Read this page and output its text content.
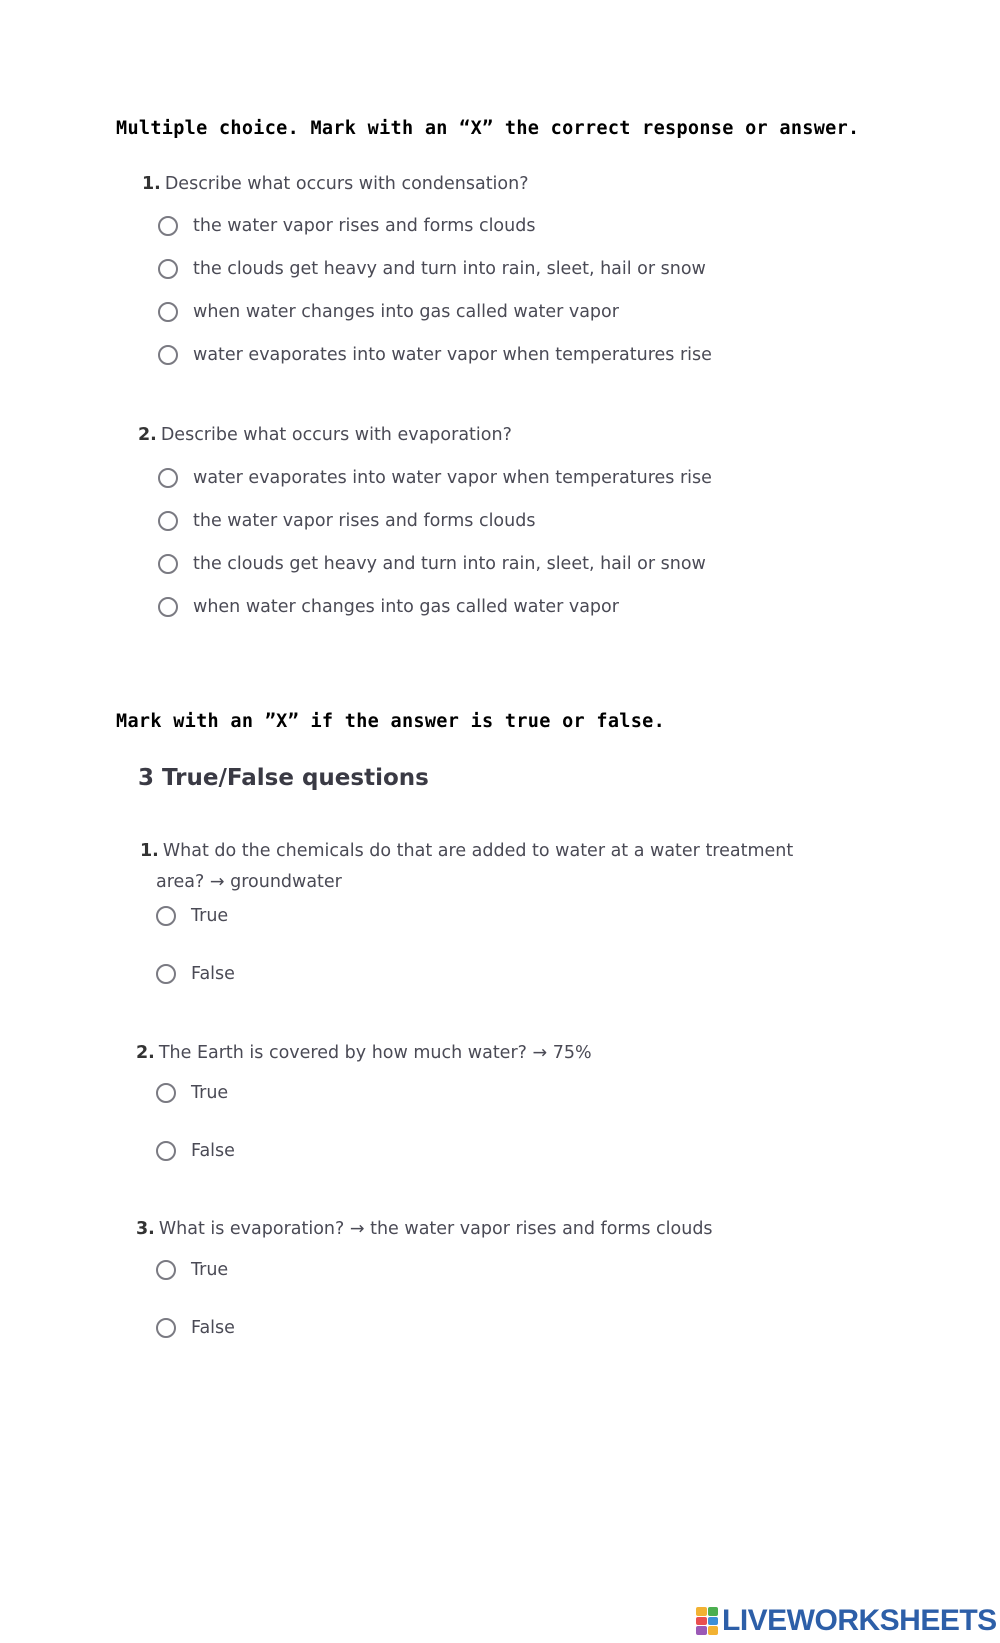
Multiple choice. Mark with an “X” the correct response or answer.
1. Describe what occurs with condensation?
the water vapor rises and forms clouds
the clouds get heavy and turn into rain, sleet, hail or snow
when water changes into gas called water vapor
water evaporates into water vapor when temperatures rise
2. Describe what occurs with evaporation?
water evaporates into water vapor when temperatures rise
the water vapor rises and forms clouds
the clouds get heavy and turn into rain, sleet, hail or snow
when water changes into gas called water vapor
Mark with an ”X” if the answer is true or false.
3 True/False questions
1. What do the chemicals do that are added to water at a water treatment
area? → groundwater
True
False
2. The Earth is covered by how much water? → 75%
True
False
3. What is evaporation? → the water vapor rises and forms clouds
True
False
LIVEWORKSHEETS
